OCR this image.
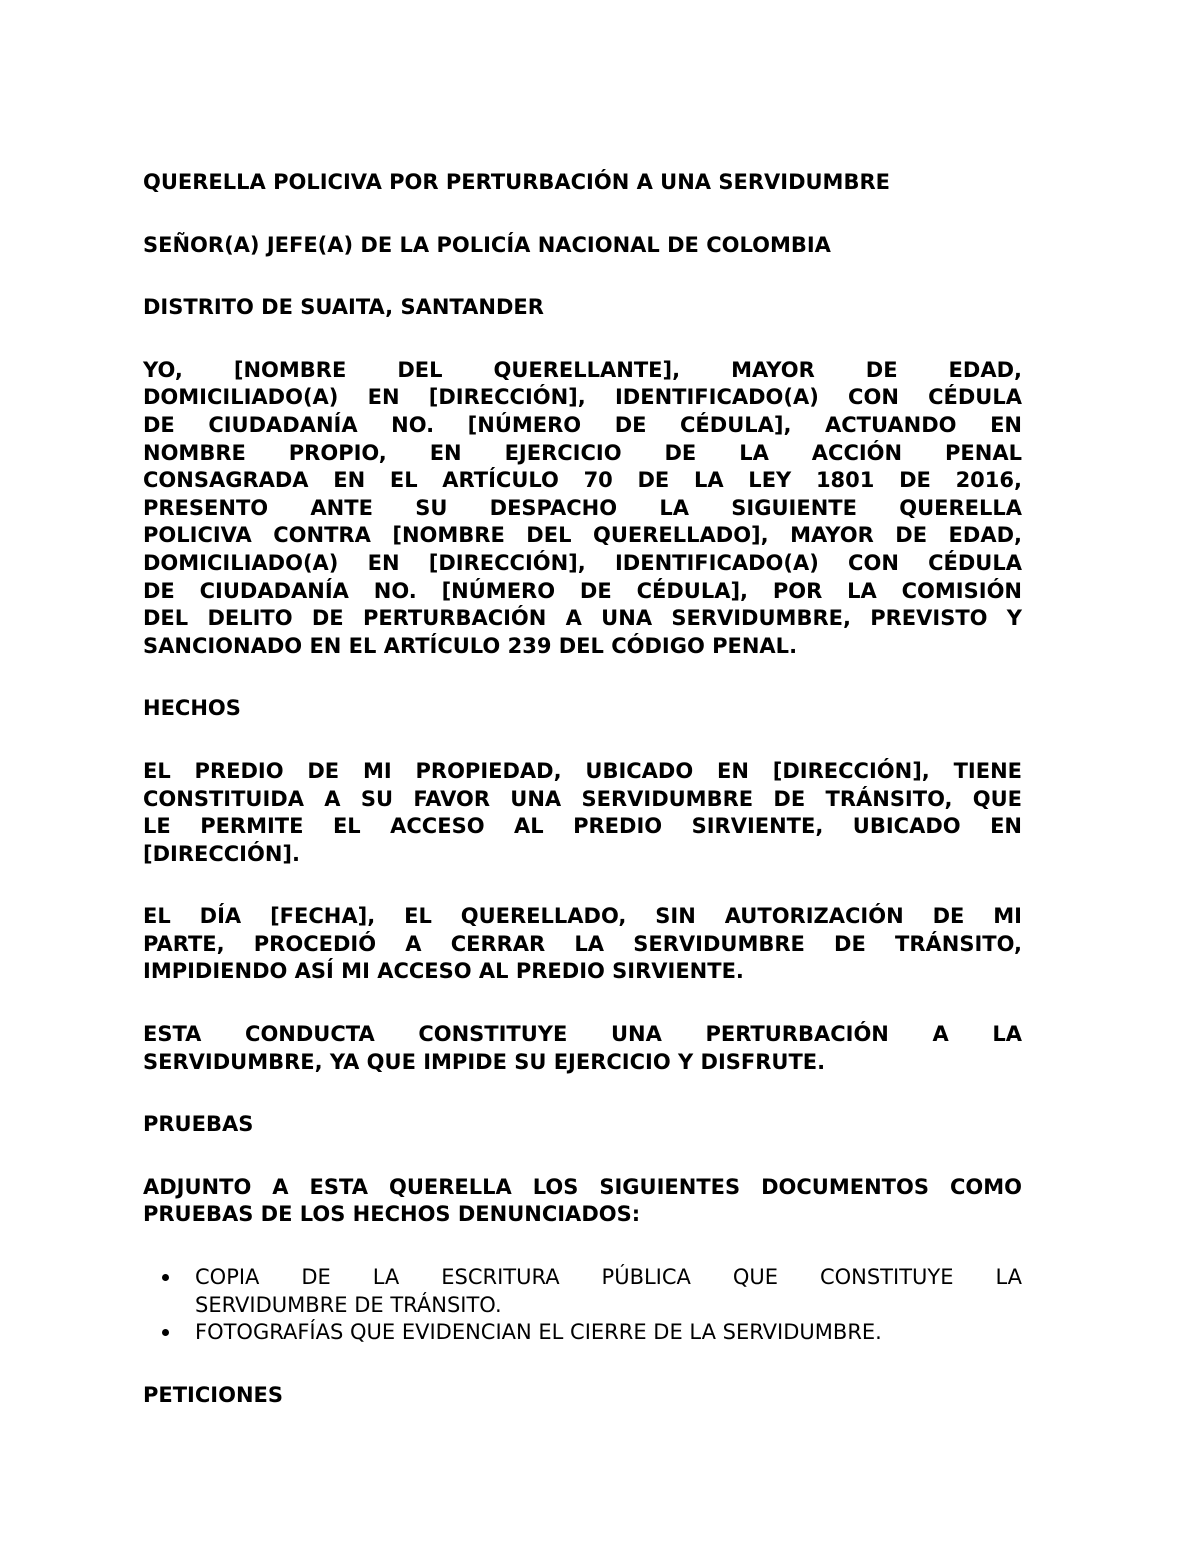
QUERELLA POLICIVA POR PERTURBACIÓN A UNA SERVIDUMBRE

SEÑOR(A) JEFE(A) DE LA POLICÍA NACIONAL DE COLOMBIA

DISTRITO DE SUAITA, SANTANDER

YO, [NOMBRE DEL QUERELLANTE], MAYOR DE EDAD,
DOMICILIADO(A) EN [DIRECCIÓN], IDENTIFICADO(A) CON CÉDULA
DE CIUDADANÍA NO. [NÚMERO DE CÉDULA], ACTUANDO EN
NOMBRE PROPIO, EN EJERCICIO DE LA ACCIÓN PENAL
CONSAGRADA EN EL ARTÍCULO 70 DE LA LEY 1801 DE 2016,
PRESENTO ANTE SU DESPACHO LA SIGUIENTE QUERELLA
POLICIVA CONTRA [NOMBRE DEL QUERELLADO], MAYOR DE EDAD,
DOMICILIADO(A) EN [DIRECCIÓN], IDENTIFICADO(A) CON CÉDULA
DE CIUDADANÍA NO. [NÚMERO DE CÉDULA], POR LA COMISIÓN
DEL DELITO DE PERTURBACIÓN A UNA SERVIDUMBRE, PREVISTO Y
SANCIONADO EN EL ARTÍCULO 239 DEL CÓDIGO PENAL.

HECHOS

EL PREDIO DE MI PROPIEDAD, UBICADO EN [DIRECCIÓN], TIENE
CONSTITUIDA A SU FAVOR UNA SERVIDUMBRE DE TRÁNSITO, QUE
LE PERMITE EL ACCESO AL PREDIO SIRVIENTE, UBICADO EN
[DIRECCIÓN].

EL DÍA [FECHA], EL QUERELLADO, SIN AUTORIZACIÓN DE MI
PARTE, PROCEDIÓ A CERRAR LA SERVIDUMBRE DE TRÁNSITO,
IMPIDIENDO ASÍ MI ACCESO AL PREDIO SIRVIENTE.

ESTA CONDUCTA CONSTITUYE UNA PERTURBACIÓN A LA
SERVIDUMBRE, YA QUE IMPIDE SU EJERCICIO Y DISFRUTE.

PRUEBAS

ADJUNTO A ESTA QUERELLA LOS SIGUIENTES DOCUMENTOS COMO
PRUEBAS DE LOS HECHOS DENUNCIADOS:

COPIA DE LA ESCRITURA PÚBLICA QUE CONSTITUYE LA
SERVIDUMBRE DE TRÁNSITO.
FOTOGRAFÍAS QUE EVIDENCIAN EL CIERRE DE LA SERVIDUMBRE.

PETICIONES
